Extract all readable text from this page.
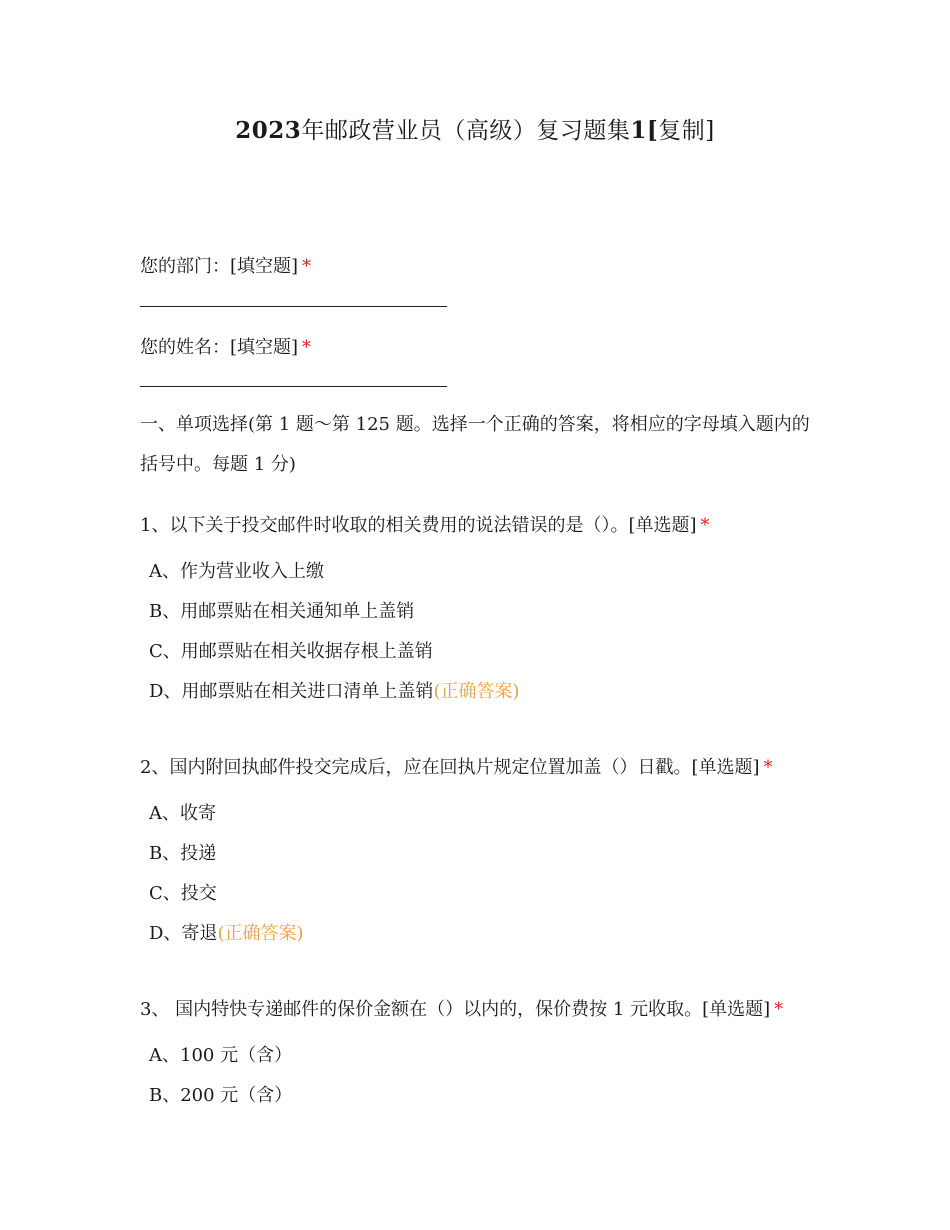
2023年邮政营业员（高级）复习题集1[复制]
您的部门：[填空题] *
您的姓名：[填空题] *
一、单项选择(第 1 题～第 125 题。选择一个正确的答案，将相应的字母填入题内的括号中。每题 1 分)
1、以下关于投交邮件时收取的相关费用的说法错误的是（）。[单选题] *
A、作为营业收入上缴
B、用邮票贴在相关通知单上盖销
C、用邮票贴在相关收据存根上盖销
D、用邮票贴在相关进口清单上盖销(正确答案)
2、国内附回执邮件投交完成后，应在回执片规定位置加盖（）日戳。[单选题] *
A、收寄
B、投递
C、投交
D、寄退(正确答案)
3、 国内特快专递邮件的保价金额在（）以内的，保价费按 1 元收取。[单选题] *
A、100 元（含）
B、200 元（含）
